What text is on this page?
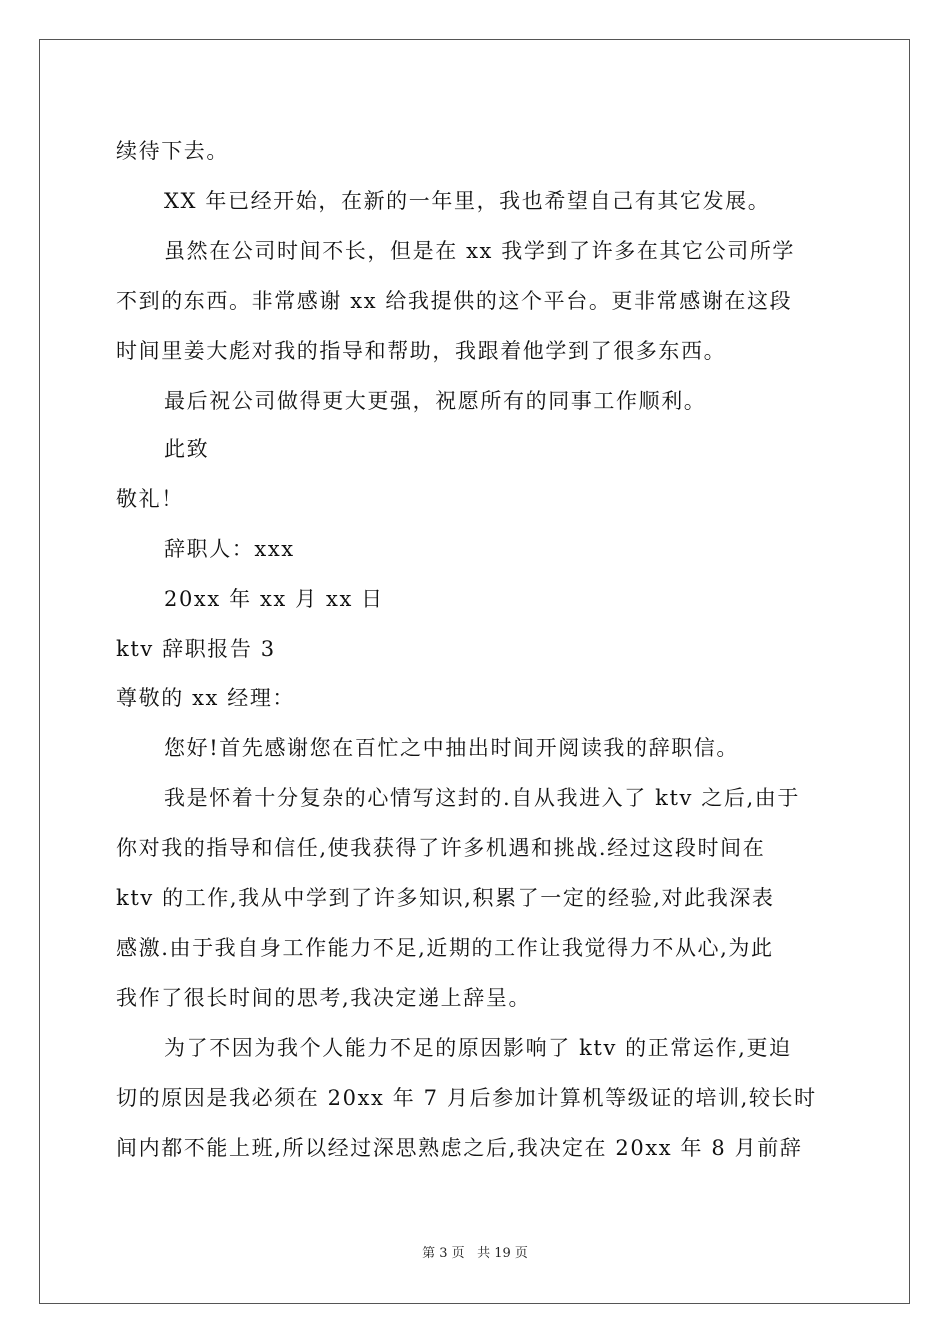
续待下去。
XX 年已经开始，在新的一年里，我也希望自己有其它发展。
虽然在公司时间不长，但是在 xx 我学到了许多在其它公司所学
不到的东西。非常感谢 xx 给我提供的这个平台。更非常感谢在这段
时间里姜大彪对我的指导和帮助，我跟着他学到了很多东西。
最后祝公司做得更大更强，祝愿所有的同事工作顺利。
此致
敬礼！
辞职人：xxx
20xx 年 xx 月 xx 日
ktv 辞职报告 3
尊敬的 xx 经理：
您好!首先感谢您在百忙之中抽出时间开阅读我的辞职信。
我是怀着十分复杂的心情写这封的.自从我进入了 ktv 之后,由于
你对我的指导和信任,使我获得了许多机遇和挑战.经过这段时间在
ktv 的工作,我从中学到了许多知识,积累了一定的经验,对此我深表
感激.由于我自身工作能力不足,近期的工作让我觉得力不从心,为此
我作了很长时间的思考,我决定递上辞呈。
为了不因为我个人能力不足的原因影响了 ktv 的正常运作,更迫
切的原因是我必须在 20xx 年 7 月后参加计算机等级证的培训,较长时
间内都不能上班,所以经过深思熟虑之后,我决定在 20xx 年 8 月前辞
第 3 页 共 19 页
